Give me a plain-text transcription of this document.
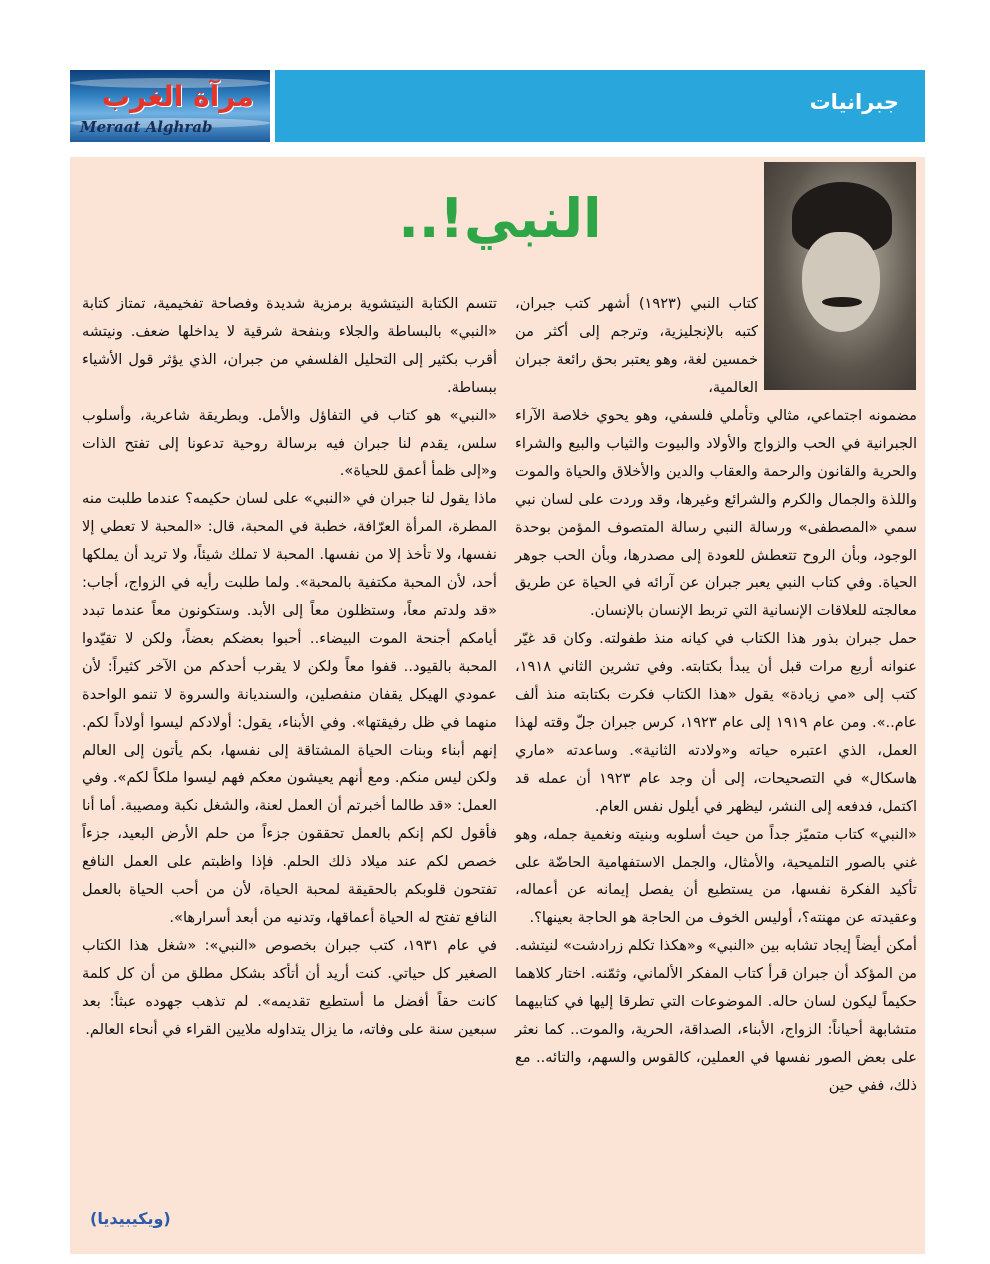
مرآة الغرب
Meraat Alghrab
جبرانيات
النبي!..

تتسم الكتابة النيتشوية برمزية شديدة وفصاحة تفخيمية، تمتاز كتابة «النبي» بالبساطة والجلاء وبنفحة شرقية لا يداخلها ضعف. ونيتشه أقرب بكثير إلى التحليل الفلسفي من جبران، الذي يؤثر قول الأشياء ببساطة.

«النبي» هو كتاب في التفاؤل والأمل. وبطريقة شاعرية، وأسلوب سلس، يقدم لنا جبران فيه برسالة روحية تدعونا إلى تفتح الذات و«إلى ظمأ أعمق للحياة».

ماذا يقول لنا جبران في «النبي» على لسان حكيمه؟ عندما طلبت منه المطرة، المرأة العرّافة، خطبة في المحبة، قال: «المحبة لا تعطي إلا نفسها، ولا تأخذ إلا من نفسها. المحبة لا تملك شيئاً، ولا تريد أن يملكها أحد، لأن المحبة مكتفية بالمحبة». ولما طلبت رأيه في الزواج، أجاب: «قد ولدتم معاً، وستظلون معاً إلى الأبد. وستكونون معاً عندما تبدد أيامكم أجنحة الموت البيضاء.. أحبوا بعضكم بعضاً، ولكن لا تقيّدوا المحبة بالقيود.. قفوا معاً ولكن لا يقرب أحدكم من الآخر كثيراً: لأن عمودي الهيكل يقفان منفصلين، والسنديانة والسروة لا تنمو الواحدة منهما في ظل رفيقتها». وفي الأبناء، يقول: أولادكم ليسوا أولاداً لكم. إنهم أبناء وبنات الحياة المشتاقة إلى نفسها، بكم يأتون إلى العالم ولكن ليس منكم. ومع أنهم يعيشون معكم فهم ليسوا ملكاً لكم». وفي العمل: «قد طالما أخبرتم أن العمل لعنة، والشغل نكبة ومصيبة. أما أنا فأقول لكم إنكم بالعمل تحققون جزءاً من حلم الأرض البعيد، جزءاً خصص لكم عند ميلاد ذلك الحلم. فإذا واظبتم على العمل النافع تفتحون قلوبكم بالحقيقة لمحبة الحياة، لأن من أحب الحياة بالعمل النافع تفتح له الحياة أعماقها، وتدنيه من أبعد أسرارها».

في عام ١٩٣١، كتب جبران بخصوص «النبي»: «شغل هذا الكتاب الصغير كل حياتي. كنت أريد أن أتأكد بشكل مطلق من أن كل كلمة كانت حقاً أفضل ما أستطيع تقديمه». لم تذهب جهوده عبثاً: بعد سبعين سنة على وفاته، ما يزال يتداوله ملايين القراء في أنحاء العالم.

كتاب النبي (١٩٢٣) أشهر كتب جبران، كتبه بالإنجليزية، وترجم إلى أكثر من خمسين لغة، وهو يعتبر بحق رائعة جبران العالمية،

مضمونه اجتماعي، مثالي وتأملي فلسفي، وهو يحوي خلاصة الآراء الجبرانية في الحب والزواج والأولاد والبيوت والثياب والبيع والشراء والحرية والقانون والرحمة والعقاب والدين والأخلاق والحياة والموت واللذة والجمال والكرم والشرائع وغيرها، وقد وردت على لسان نبي سمي «المصطفى» ورسالة النبي رسالة المتصوف المؤمن بوحدة الوجود، وبأن الروح تتعطش للعودة إلى مصدرها، وبأن الحب جوهر الحياة. وفي كتاب النبي يعبر جبران عن آرائه في الحياة عن طريق معالجته للعلاقات الإنسانية التي تربط الإنسان بالإنسان.

حمل جبران بذور هذا الكتاب في كيانه منذ طفولته. وكان قد غيّر عنوانه أربع مرات قبل أن يبدأ بكتابته. وفي تشرين الثاني ١٩١٨، كتب إلى «مي زيادة» يقول «هذا الكتاب فكرت بكتابته منذ ألف عام..». ومن عام ١٩١٩ إلى عام ١٩٢٣، كرس جبران جلّ وقته لهذا العمل، الذي اعتبره حياته و«ولادته الثانية». وساعدته «ماري هاسكال» في التصحيحات، إلى أن وجد عام ١٩٢٣ أن عمله قد اكتمل، فدفعه إلى النشر، ليظهر في أيلول نفس العام.

«النبي» كتاب متميّز جداً من حيث أسلوبه وبنيته ونغمية جمله، وهو غني بالصور التلميحية، والأمثال، والجمل الاستفهامية الحاضّة على تأكيد الفكرة نفسها، من يستطيع أن يفصل إيمانه عن أعماله، وعقيدته عن مهنته؟، أوليس الخوف من الحاجة هو الحاجة بعينها؟.

أمكن أيضاً إيجاد تشابه بين «النبي» و«هكذا تكلم زرادشت» لنيتشه. من المؤكد أن جبران قرأ كتاب المفكر الألماني، وثمّنه. اختار كلاهما حكيماً ليكون لسان حاله. الموضوعات التي تطرقا إليها في كتابيهما متشابهة أحياناً: الزواج، الأبناء، الصداقة، الحرية، والموت.. كما نعثر على بعض الصور نفسها في العملين، كالقوس والسهم، والتائه.. مع ذلك، ففي حين

(ويكيبيديا)
